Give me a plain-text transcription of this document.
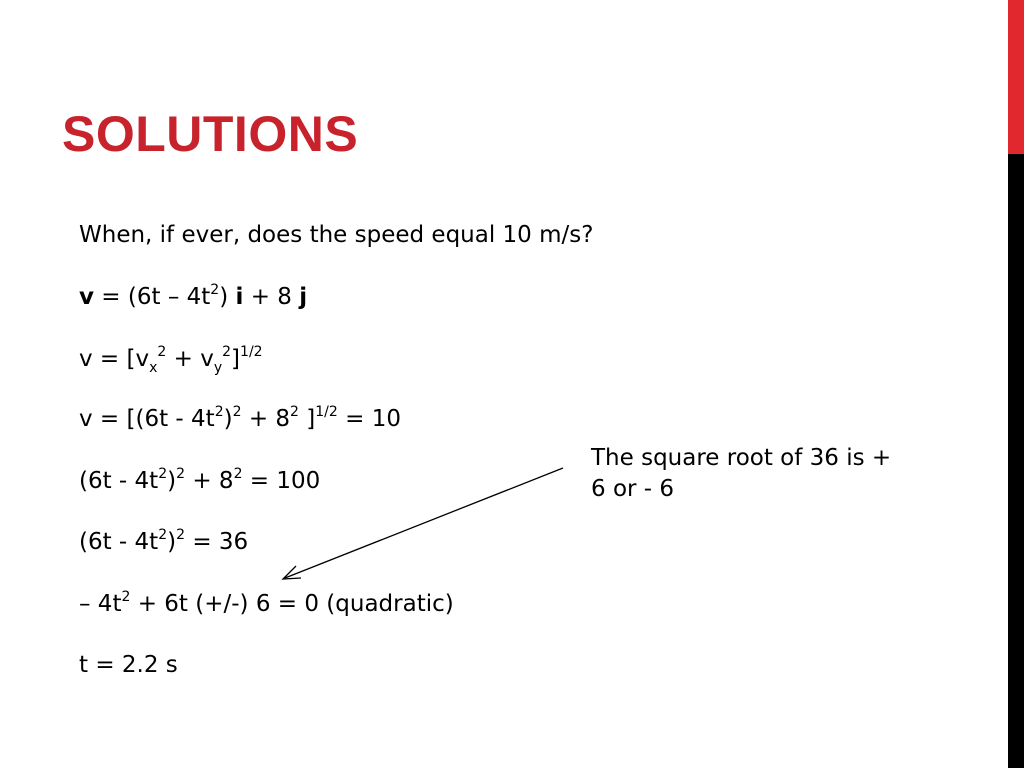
SOLUTIONS
When, if ever, does the speed equal 10 m/s?
$v = (6t - 4t^2)$ i + 8 j
$v = [v_x^2 + v_y^2]^{1/2}$
$v = [(6t - 4t^2)^2 + 8^2$ ]$^{1/2}$ = 10
$(6t - 4t^2)^2 + 8^2 = 100$
$(6t - 4t^2)^2 = 36$
– $4t^2 + 6t$ (+/-) 6 = 0 (quadratic)
t = 2.2 s
The square root of 36 is + 6 or - 6
